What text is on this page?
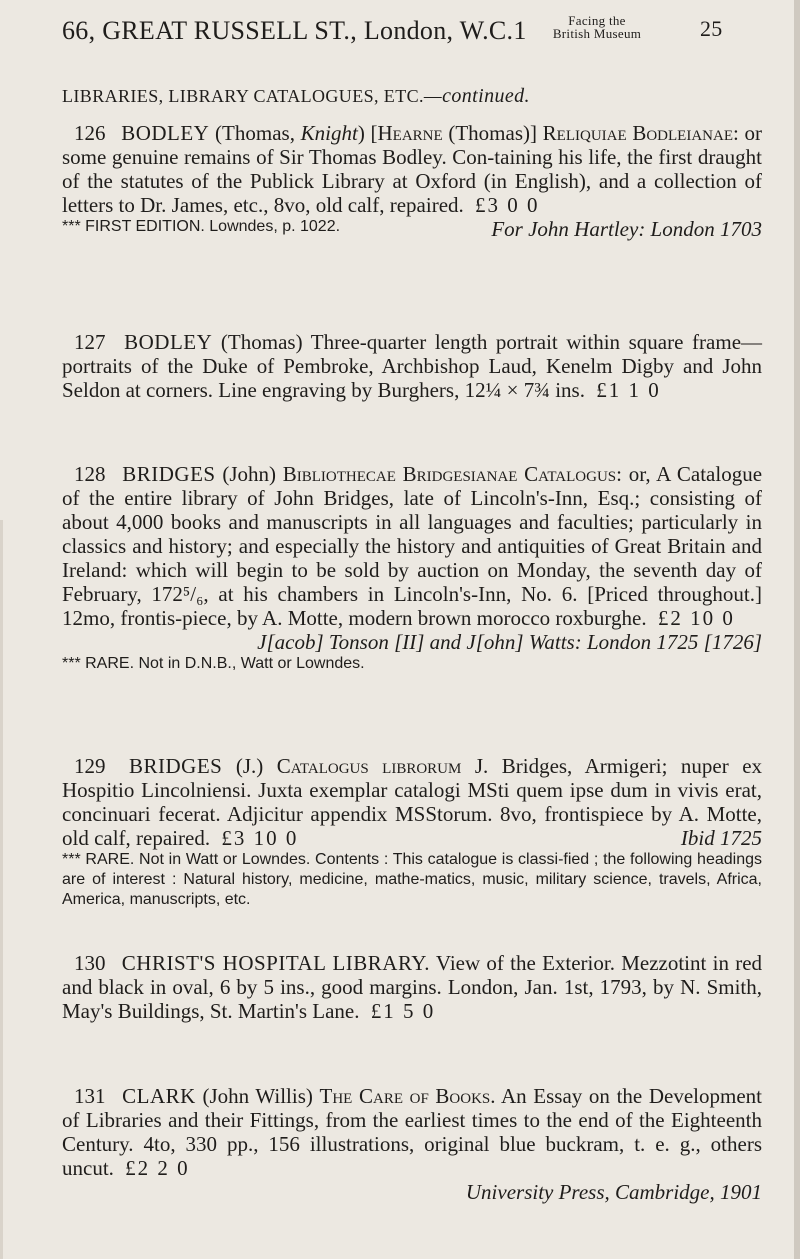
66, GREAT RUSSELL ST., London, W.C.1	Facing the
British Museum	25
LIBRARIES, LIBRARY CATALOGUES, ETC.—continued.
126 BODLEY (Thomas, Knight) [Hearne (Thomas)] Reliquiae Bodleianae: or some genuine remains of Sir Thomas Bodley. Con-taining his life, the first draught of the statutes of the Publick Library at Oxford (in English), and a collection of letters to Dr. James, etc., 8vo, old calf, repaired. £3 0 0
For John Hartley: London 1703
*** FIRST EDITION. Lowndes, p. 1022.
127 BODLEY (Thomas) Three-quarter length portrait within square frame—portraits of the Duke of Pembroke, Archbishop Laud, Kenelm Digby and John Seldon at corners. Line engraving by Burghers, 12¼ × 7¾ ins. £1 1 0
128 BRIDGES (John) Bibliothecae Bridgesianae Catalogus: or, A Catalogue of the entire library of John Bridges, late of Lincoln's-Inn, Esq.; consisting of about 4,000 books and manuscripts in all languages and faculties; particularly in classics and history; and especially the history and antiquities of Great Britain and Ireland: which will begin to be sold by auction on Monday, the seventh day of February, 172⁵/₆, at his chambers in Lincoln's-Inn, No. 6. [Priced throughout.] 12mo, frontis-piece, by A. Motte, modern brown morocco roxburghe. £2 10 0
J[acob] Tonson [II] and J[ohn] Watts: London 1725 [1726]
*** RARE. Not in D.N.B., Watt or Lowndes.
129 BRIDGES (J.) Catalogus librorum J. Bridges, Armigeri; nuper ex Hospitio Lincolniensi. Juxta exemplar catalogi MSti quem ipse dum in vivis erat, concinuari fecerat. Adjicitur appendix MSStorum. 8vo, frontispiece by A. Motte, old calf, repaired. £3 10 0	Ibid 1725
*** RARE. Not in Watt or Lowndes. Contents : This catalogue is classi-fied ; the following headings are of interest : Natural history, medicine, mathe-matics, music, military science, travels, Africa, America, manuscripts, etc.
130 CHRIST'S HOSPITAL LIBRARY. View of the Exterior. Mezzotint in red and black in oval, 6 by 5 ins., good margins. London, Jan. 1st, 1793, by N. Smith, May's Buildings, St. Martin's Lane. £1 5 0
131 CLARK (John Willis) The Care of Books. An Essay on the Development of Libraries and their Fittings, from the earliest times to the end of the Eighteenth Century. 4to, 330 pp., 156 illustrations, original blue buckram, t. e. g., others uncut. £2 2 0
University Press, Cambridge, 1901
